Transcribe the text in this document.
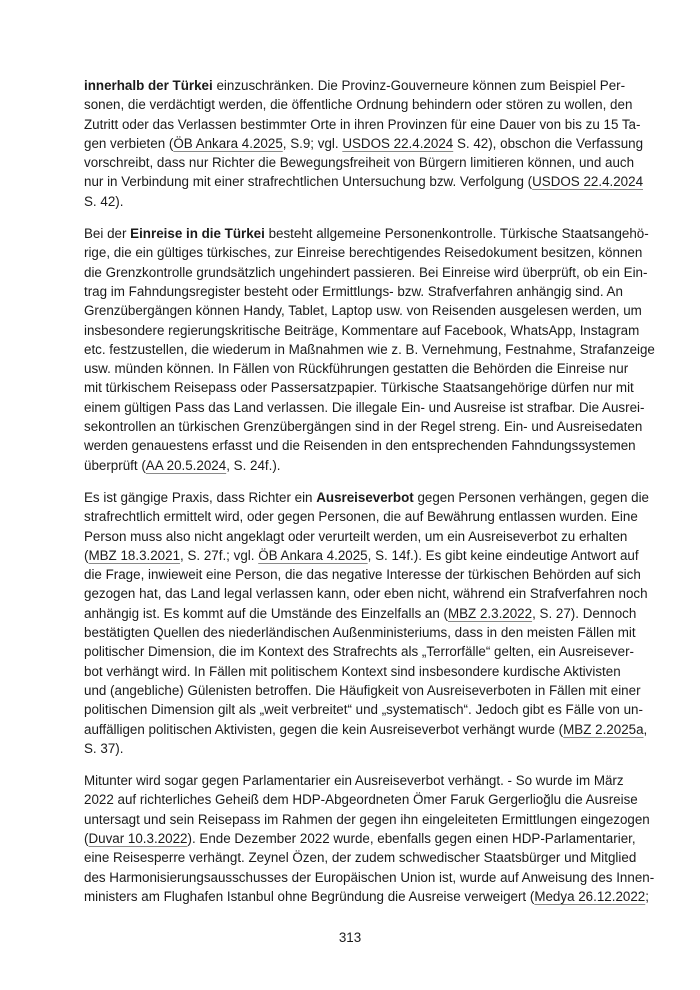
innerhalb der Türkei einzuschränken. Die Provinz-Gouverneure können zum Beispiel Per-
sonen, die verdächtigt werden, die öffentliche Ordnung behindern oder stören zu wollen, den
Zutritt oder das Verlassen bestimmter Orte in ihren Provinzen für eine Dauer von bis zu 15 Ta-
gen verbieten (ÖB Ankara 4.2025, S.9; vgl. USDOS 22.4.2024 S. 42), obschon die Verfassung
vorschreibt, dass nur Richter die Bewegungsfreiheit von Bürgern limitieren können, und auch
nur in Verbindung mit einer strafrechtlichen Untersuchung bzw. Verfolgung (USDOS 22.4.2024
S. 42).
Bei der Einreise in die Türkei besteht allgemeine Personenkontrolle. Türkische Staatsangehö-
rige, die ein gültiges türkisches, zur Einreise berechtigendes Reisedokument besitzen, können
die Grenzkontrolle grundsätzlich ungehindert passieren. Bei Einreise wird überprüft, ob ein Ein-
trag im Fahndungsregister besteht oder Ermittlungs- bzw. Strafverfahren anhängig sind. An
Grenzübergängen können Handy, Tablet, Laptop usw. von Reisenden ausgelesen werden, um
insbesondere regierungskritische Beiträge, Kommentare auf Facebook, WhatsApp, Instagram
etc. festzustellen, die wiederum in Maßnahmen wie z. B. Vernehmung, Festnahme, Strafanzeige
usw. münden können. In Fällen von Rückführungen gestatten die Behörden die Einreise nur
mit türkischem Reisepass oder Passersatzpapier. Türkische Staatsangehörige dürfen nur mit
einem gültigen Pass das Land verlassen. Die illegale Ein- und Ausreise ist strafbar. Die Ausrei-
sekontrollen an türkischen Grenzübergängen sind in der Regel streng. Ein- und Ausreisedaten
werden genauestens erfasst und die Reisenden in den entsprechenden Fahndungssystemen
überprüft (AA 20.5.2024, S. 24f.).
Es ist gängige Praxis, dass Richter ein Ausreiseverbot gegen Personen verhängen, gegen die
strafrechtlich ermittelt wird, oder gegen Personen, die auf Bewährung entlassen wurden. Eine
Person muss also nicht angeklagt oder verurteilt werden, um ein Ausreiseverbot zu erhalten
(MBZ 18.3.2021, S. 27f.; vgl. ÖB Ankara 4.2025, S. 14f.). Es gibt keine eindeutige Antwort auf
die Frage, inwieweit eine Person, die das negative Interesse der türkischen Behörden auf sich
gezogen hat, das Land legal verlassen kann, oder eben nicht, während ein Strafverfahren noch
anhängig ist. Es kommt auf die Umstände des Einzelfalls an (MBZ 2.3.2022, S. 27). Dennoch
bestätigten Quellen des niederländischen Außenministeriums, dass in den meisten Fällen mit
politischer Dimension, die im Kontext des Strafrechts als „Terrorfälle“ gelten, ein Ausreisever-
bot verhängt wird. In Fällen mit politischem Kontext sind insbesondere kurdische Aktivisten
und (angebliche) Gülenisten betroffen. Die Häufigkeit von Ausreiseverboten in Fällen mit einer
politischen Dimension gilt als „weit verbreitet“ und „systematisch“. Jedoch gibt es Fälle von un-
auffälligen politischen Aktivisten, gegen die kein Ausreiseverbot verhängt wurde (MBZ 2.2025a,
S. 37).
Mitunter wird sogar gegen Parlamentarier ein Ausreiseverbot verhängt. - So wurde im März
2022 auf richterliches Geheiß dem HDP-Abgeordneten Ömer Faruk Gergerlioğlu die Ausreise
untersagt und sein Reisepass im Rahmen der gegen ihn eingeleiteten Ermittlungen eingezogen
(Duvar 10.3.2022). Ende Dezember 2022 wurde, ebenfalls gegen einen HDP-Parlamentarier,
eine Reisesperre verhängt. Zeynel Özen, der zudem schwedischer Staatsbürger und Mitglied
des Harmonisierungsausschusses der Europäischen Union ist, wurde auf Anweisung des Innen-
ministers am Flughafen Istanbul ohne Begründung die Ausreise verweigert (Medya 26.12.2022;
313
